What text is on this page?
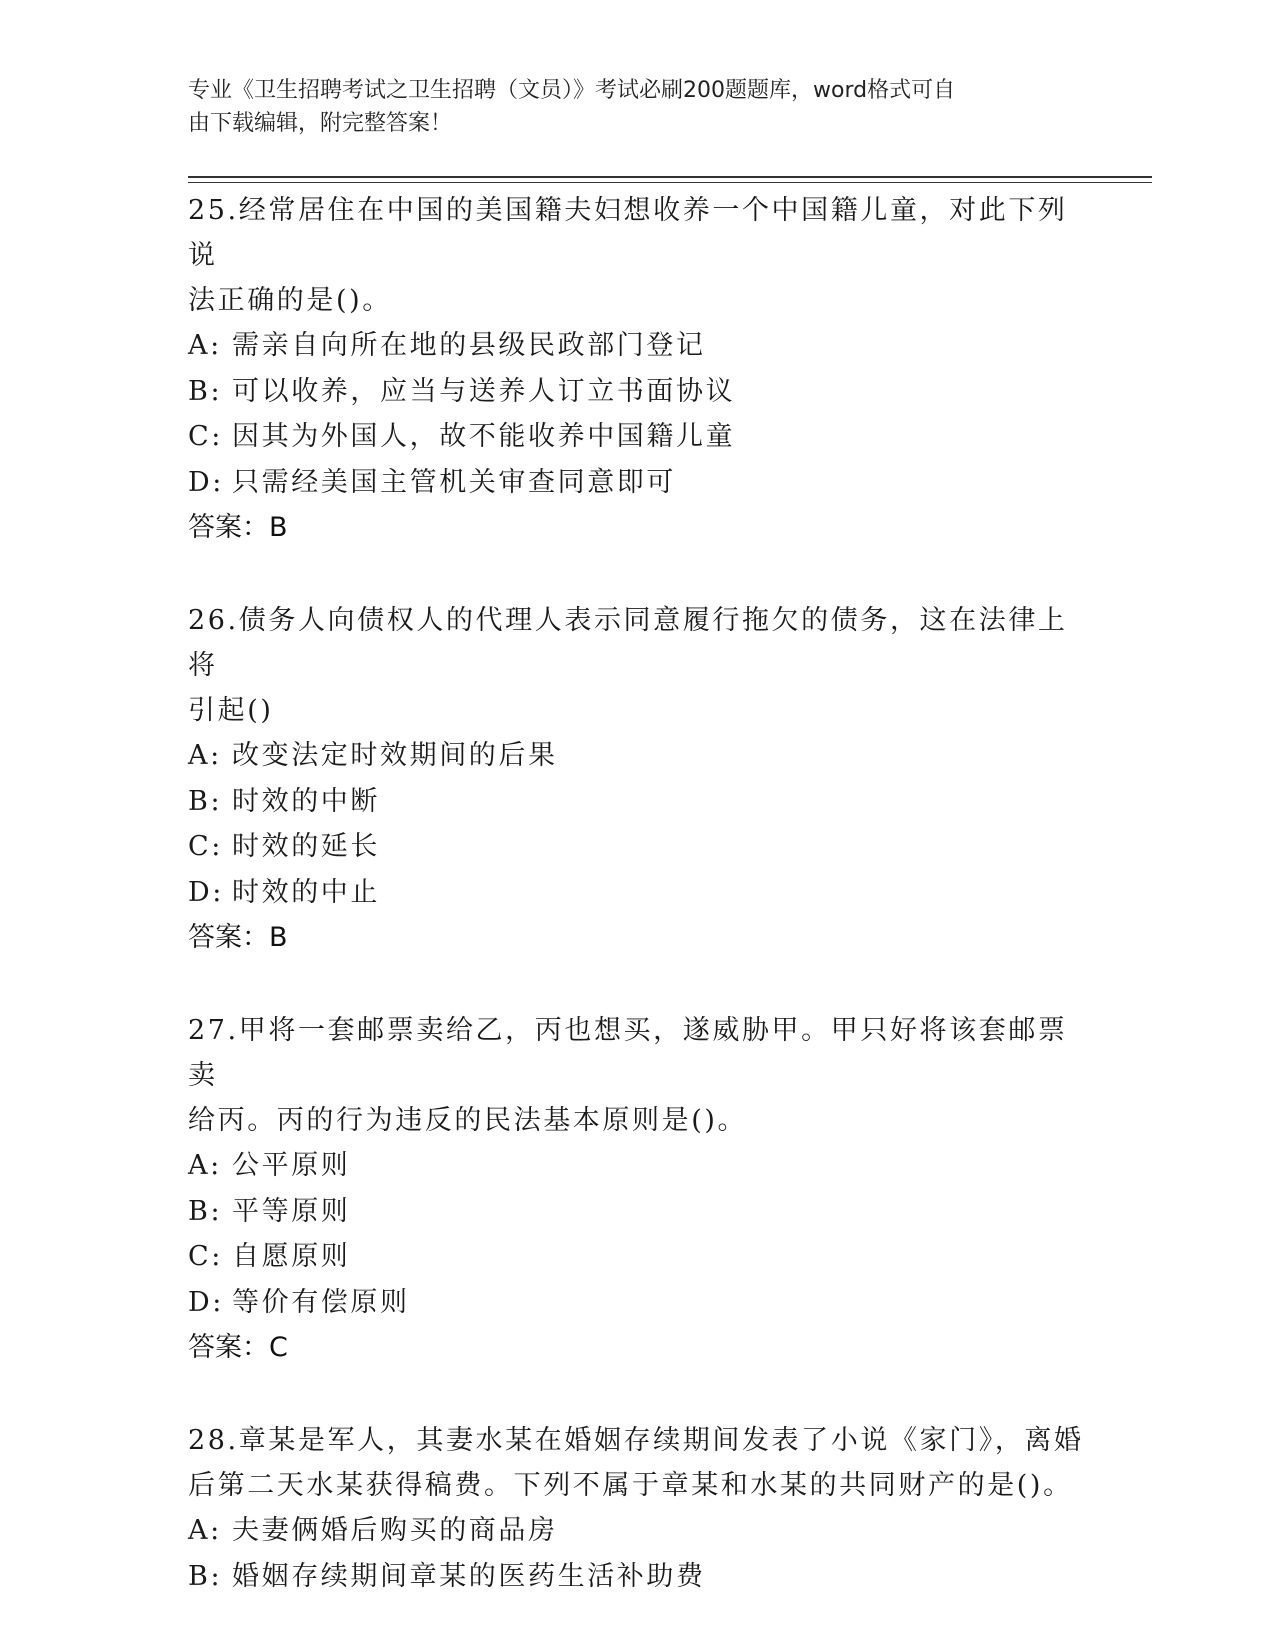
专业《卫生招聘考试之卫生招聘（文员）》考试必刷200题题库，word格式可自
由下载编辑，附完整答案！
25.经常居住在中国的美国籍夫妇想收养一个中国籍儿童，对此下列说
法正确的是()。
A: 需亲自向所在地的县级民政部门登记
B: 可以收养，应当与送养人订立书面协议
C: 因其为外国人，故不能收养中国籍儿童
D: 只需经美国主管机关审查同意即可
答案：B
26.债务人向债权人的代理人表示同意履行拖欠的债务，这在法律上将
引起()
A: 改变法定时效期间的后果
B: 时效的中断
C: 时效的延长
D: 时效的中止
答案：B
27.甲将一套邮票卖给乙，丙也想买，遂威胁甲。甲只好将该套邮票卖
给丙。丙的行为违反的民法基本原则是()。
A: 公平原则
B: 平等原则
C: 自愿原则
D: 等价有偿原则
答案：C
28.章某是军人，其妻水某在婚姻存续期间发表了小说《家门》，离婚
后第二天水某获得稿费。下列不属于章某和水某的共同财产的是()。
A: 夫妻俩婚后购买的商品房
B: 婚姻存续期间章某的医药生活补助费
